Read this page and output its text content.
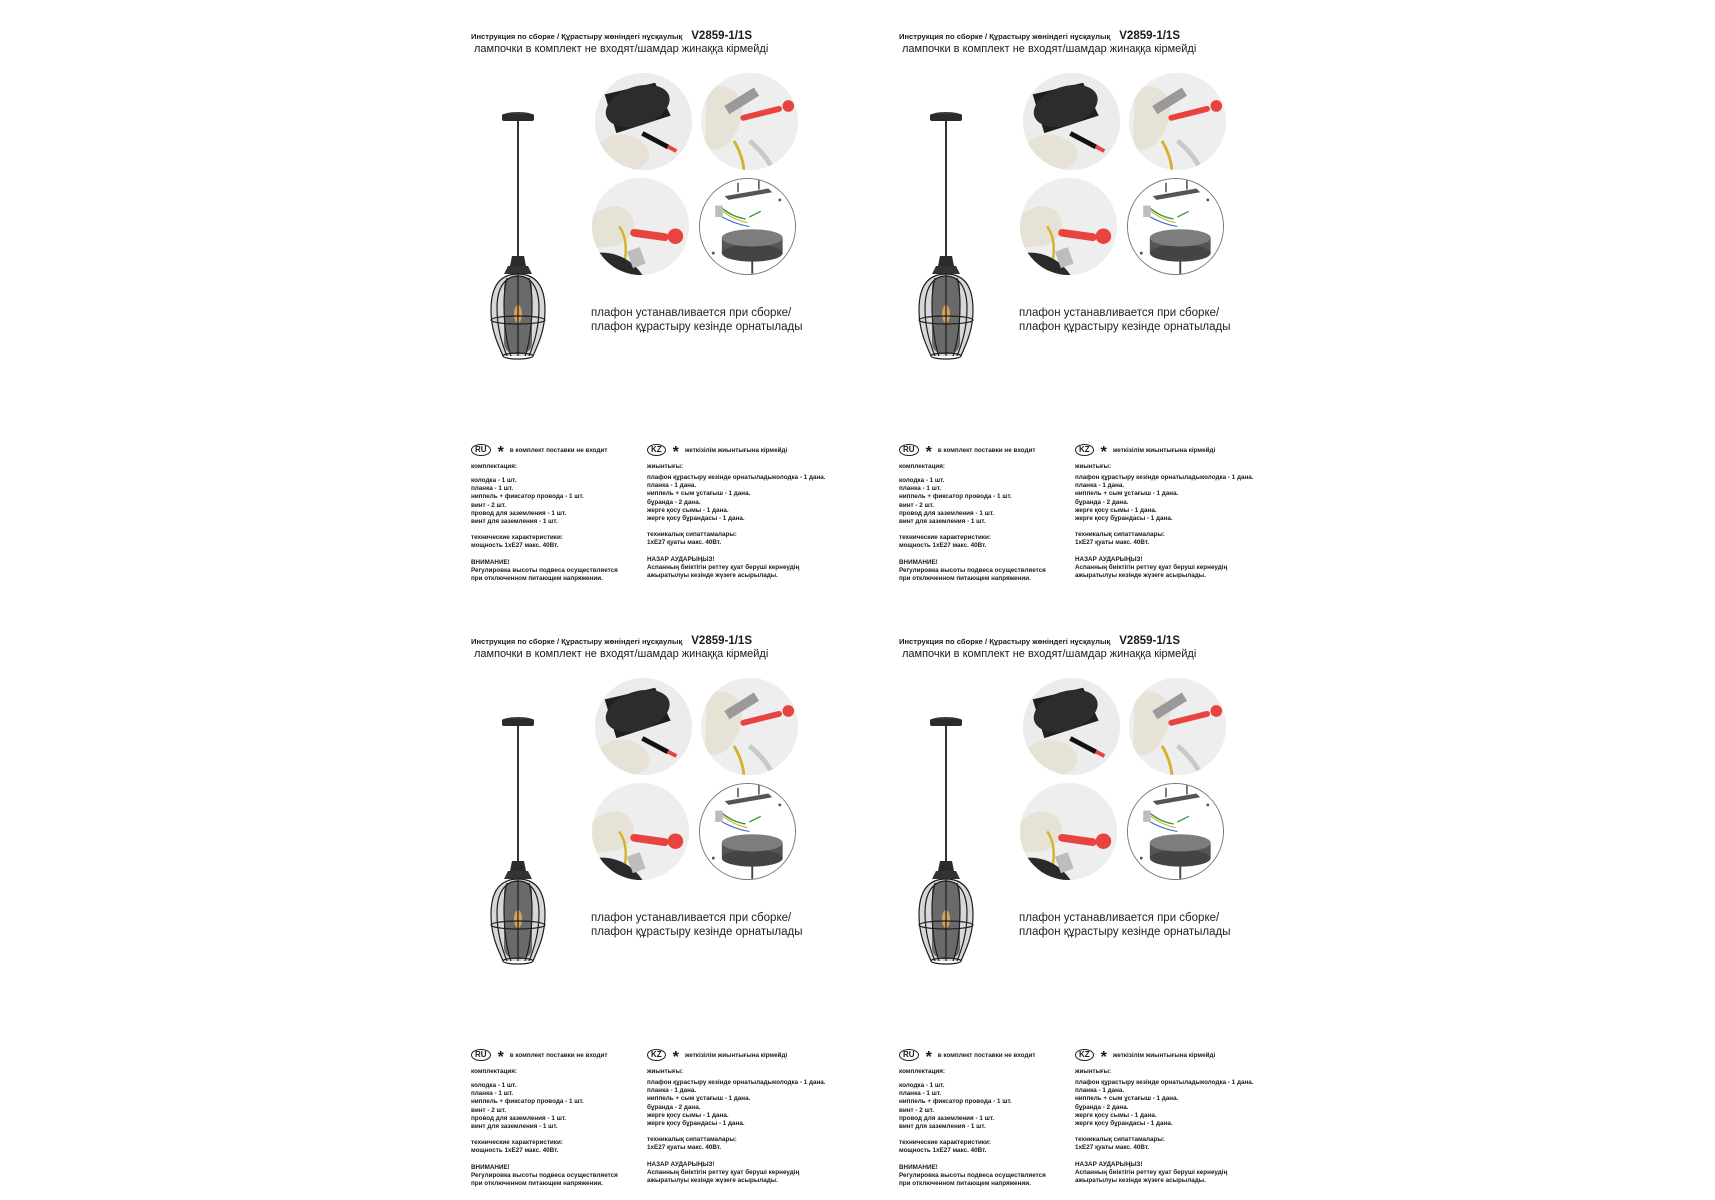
Инструкция по сборке / Құрастыру жөніндегі нұсқаулық V2859-1/1S
лампочки в комплект не входят/шамдар жинаққа кірмейді
плафон устанавливается при сборке/
плафон құрастыру кезінде орнатылады
RU * в комплект поставки не входит
комплектация:
колодка - 1 шт.
планка - 1 шт.
ниппель + фиксатор провода - 1 шт.
винт - 2 шт.
провод для заземления - 1 шт.
винт для заземления - 1 шт.
технические характеристики:
мощность 1хЕ27 макс. 40Вт.
ВНИМАНИЕ!
Регулировка высоты подвеса осуществляется
при отключенном питающем напряжении.
KZ * жеткізілім жиынтығына кірмейді
жиынтығы:
плафон құрастыру кезінде орнатыладыколодка - 1 дана.
планка - 1 дана.
ниппель + сым ұстағыш - 1 дана.
бұранда - 2 дана.
жерге қосу сымы - 1 дана.
жерге қосу бұрандасы - 1 дана.
техникалық сипаттамалары:
1хЕ27 қуаты макс. 40Вт.
НАЗАР АУДАРЫҢЫЗ!
Аспанның биіктігін реттеу қуат беруші кернеудің
ажыратылуы кезінде жүзеге асырылады.
Инструкция по сборке / Құрастыру жөніндегі нұсқаулық V2859-1/1S
лампочки в комплект не входят/шамдар жинаққа кірмейді
плафон устанавливается при сборке/
плафон құрастыру кезінде орнатылады
RU * в комплект поставки не входит
комплектация:
колодка - 1 шт.
планка - 1 шт.
ниппель + фиксатор провода - 1 шт.
винт - 2 шт.
провод для заземления - 1 шт.
винт для заземления - 1 шт.
технические характеристики:
мощность 1хЕ27 макс. 40Вт.
ВНИМАНИЕ!
Регулировка высоты подвеса осуществляется
при отключенном питающем напряжении.
KZ * жеткізілім жиынтығына кірмейді
жиынтығы:
плафон құрастыру кезінде орнатыладыколодка - 1 дана.
планка - 1 дана.
ниппель + сым ұстағыш - 1 дана.
бұранда - 2 дана.
жерге қосу сымы - 1 дана.
жерге қосу бұрандасы - 1 дана.
техникалық сипаттамалары:
1хЕ27 қуаты макс. 40Вт.
НАЗАР АУДАРЫҢЫЗ!
Аспанның биіктігін реттеу қуат беруші кернеудің
ажыратылуы кезінде жүзеге асырылады.
Инструкция по сборке / Құрастыру жөніндегі нұсқаулық V2859-1/1S
лампочки в комплект не входят/шамдар жинаққа кірмейді
плафон устанавливается при сборке/
плафон құрастыру кезінде орнатылады
RU * в комплект поставки не входит
комплектация:
колодка - 1 шт.
планка - 1 шт.
ниппель + фиксатор провода - 1 шт.
винт - 2 шт.
провод для заземления - 1 шт.
винт для заземления - 1 шт.
технические характеристики:
мощность 1хЕ27 макс. 40Вт.
ВНИМАНИЕ!
Регулировка высоты подвеса осуществляется
при отключенном питающем напряжении.
KZ * жеткізілім жиынтығына кірмейді
жиынтығы:
плафон құрастыру кезінде орнатыладыколодка - 1 дана.
планка - 1 дана.
ниппель + сым ұстағыш - 1 дана.
бұранда - 2 дана.
жерге қосу сымы - 1 дана.
жерге қосу бұрандасы - 1 дана.
техникалық сипаттамалары:
1хЕ27 қуаты макс. 40Вт.
НАЗАР АУДАРЫҢЫЗ!
Аспанның биіктігін реттеу қуат беруші кернеудің
ажыратылуы кезінде жүзеге асырылады.
Инструкция по сборке / Құрастыру жөніндегі нұсқаулық V2859-1/1S
лампочки в комплект не входят/шамдар жинаққа кірмейді
плафон устанавливается при сборке/
плафон құрастыру кезінде орнатылады
RU * в комплект поставки не входит
комплектация:
колодка - 1 шт.
планка - 1 шт.
ниппель + фиксатор провода - 1 шт.
винт - 2 шт.
провод для заземления - 1 шт.
винт для заземления - 1 шт.
технические характеристики:
мощность 1хЕ27 макс. 40Вт.
ВНИМАНИЕ!
Регулировка высоты подвеса осуществляется
при отключенном питающем напряжении.
KZ * жеткізілім жиынтығына кірмейді
жиынтығы:
плафон құрастыру кезінде орнатыладыколодка - 1 дана.
планка - 1 дана.
ниппель + сым ұстағыш - 1 дана.
бұранда - 2 дана.
жерге қосу сымы - 1 дана.
жерге қосу бұрандасы - 1 дана.
техникалық сипаттамалары:
1хЕ27 қуаты макс. 40Вт.
НАЗАР АУДАРЫҢЫЗ!
Аспанның биіктігін реттеу қуат беруші кернеудің
ажыратылуы кезінде жүзеге асырылады.
